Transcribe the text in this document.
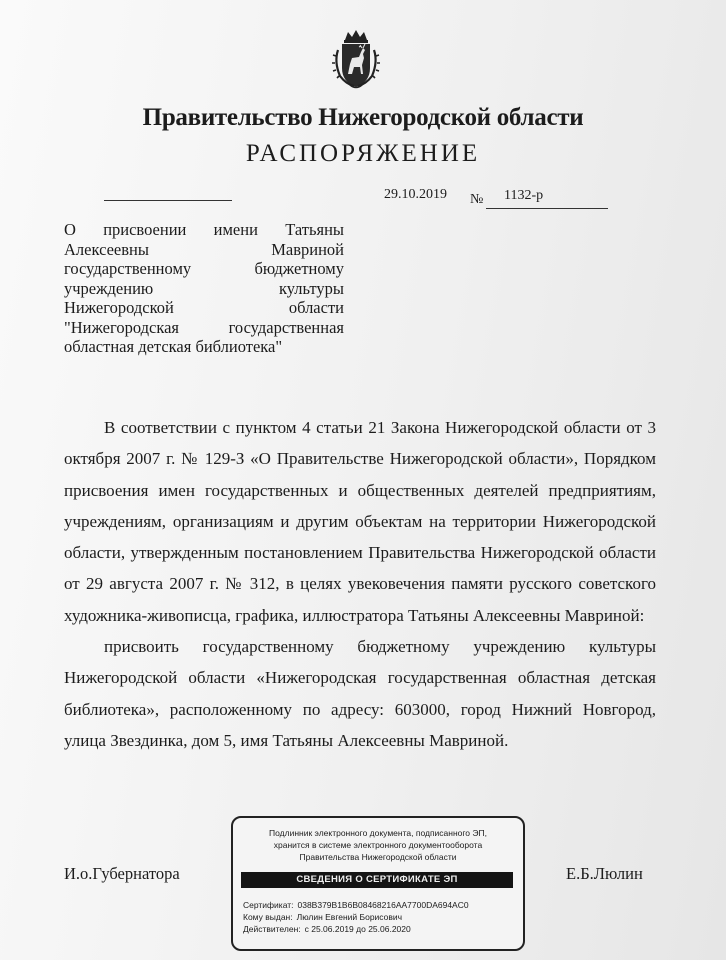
Правительство Нижегородской области
РАСПОРЯЖЕНИЕ
29.10.2019 № 1132-р
О присвоении имени Татьяны
Алексеевны Мавриной
государственному бюджетному
учреждению культуры
Нижегородской области
"Нижегородская государственная
областная детская библиотека"

В соответствии с пунктом 4 статьи 21 Закона Нижегородской области от 3 октября 2007 г. № 129-З «О Правительстве Нижегородской области», Порядком присвоения имен государственных и общественных деятелей предприятиям, учреждениям, организациям и другим объектам на территории Нижегородской области, утвержденным постановлением Правительства Нижегородской области от 29 августа 2007 г. № 312, в целях увековечения памяти русского советского художника-живописца, графика, иллюстратора Татьяны Алексеевны Мавриной:

присвоить государственному бюджетному учреждению культуры Нижегородской области «Нижегородская государственная областная детская библиотека», расположенному по адресу: 603000, город Нижний Новгород, улица Звездинка, дом 5, имя Татьяны Алексеевны Мавриной.

И.о.Губернатора	Е.Б.Люлин
Подлинник электронного документа, подписанного ЭП,
хранится в системе электронного документооборота
Правительства Нижегородской области
СВЕДЕНИЯ О СЕРТИФИКАТЕ ЭП
Сертификат: 038B379B1B6B08468216AA7700DA694AC0
Кому выдан: Люлин Евгений Борисович
Действителен: с 25.06.2019 до 25.06.2020
